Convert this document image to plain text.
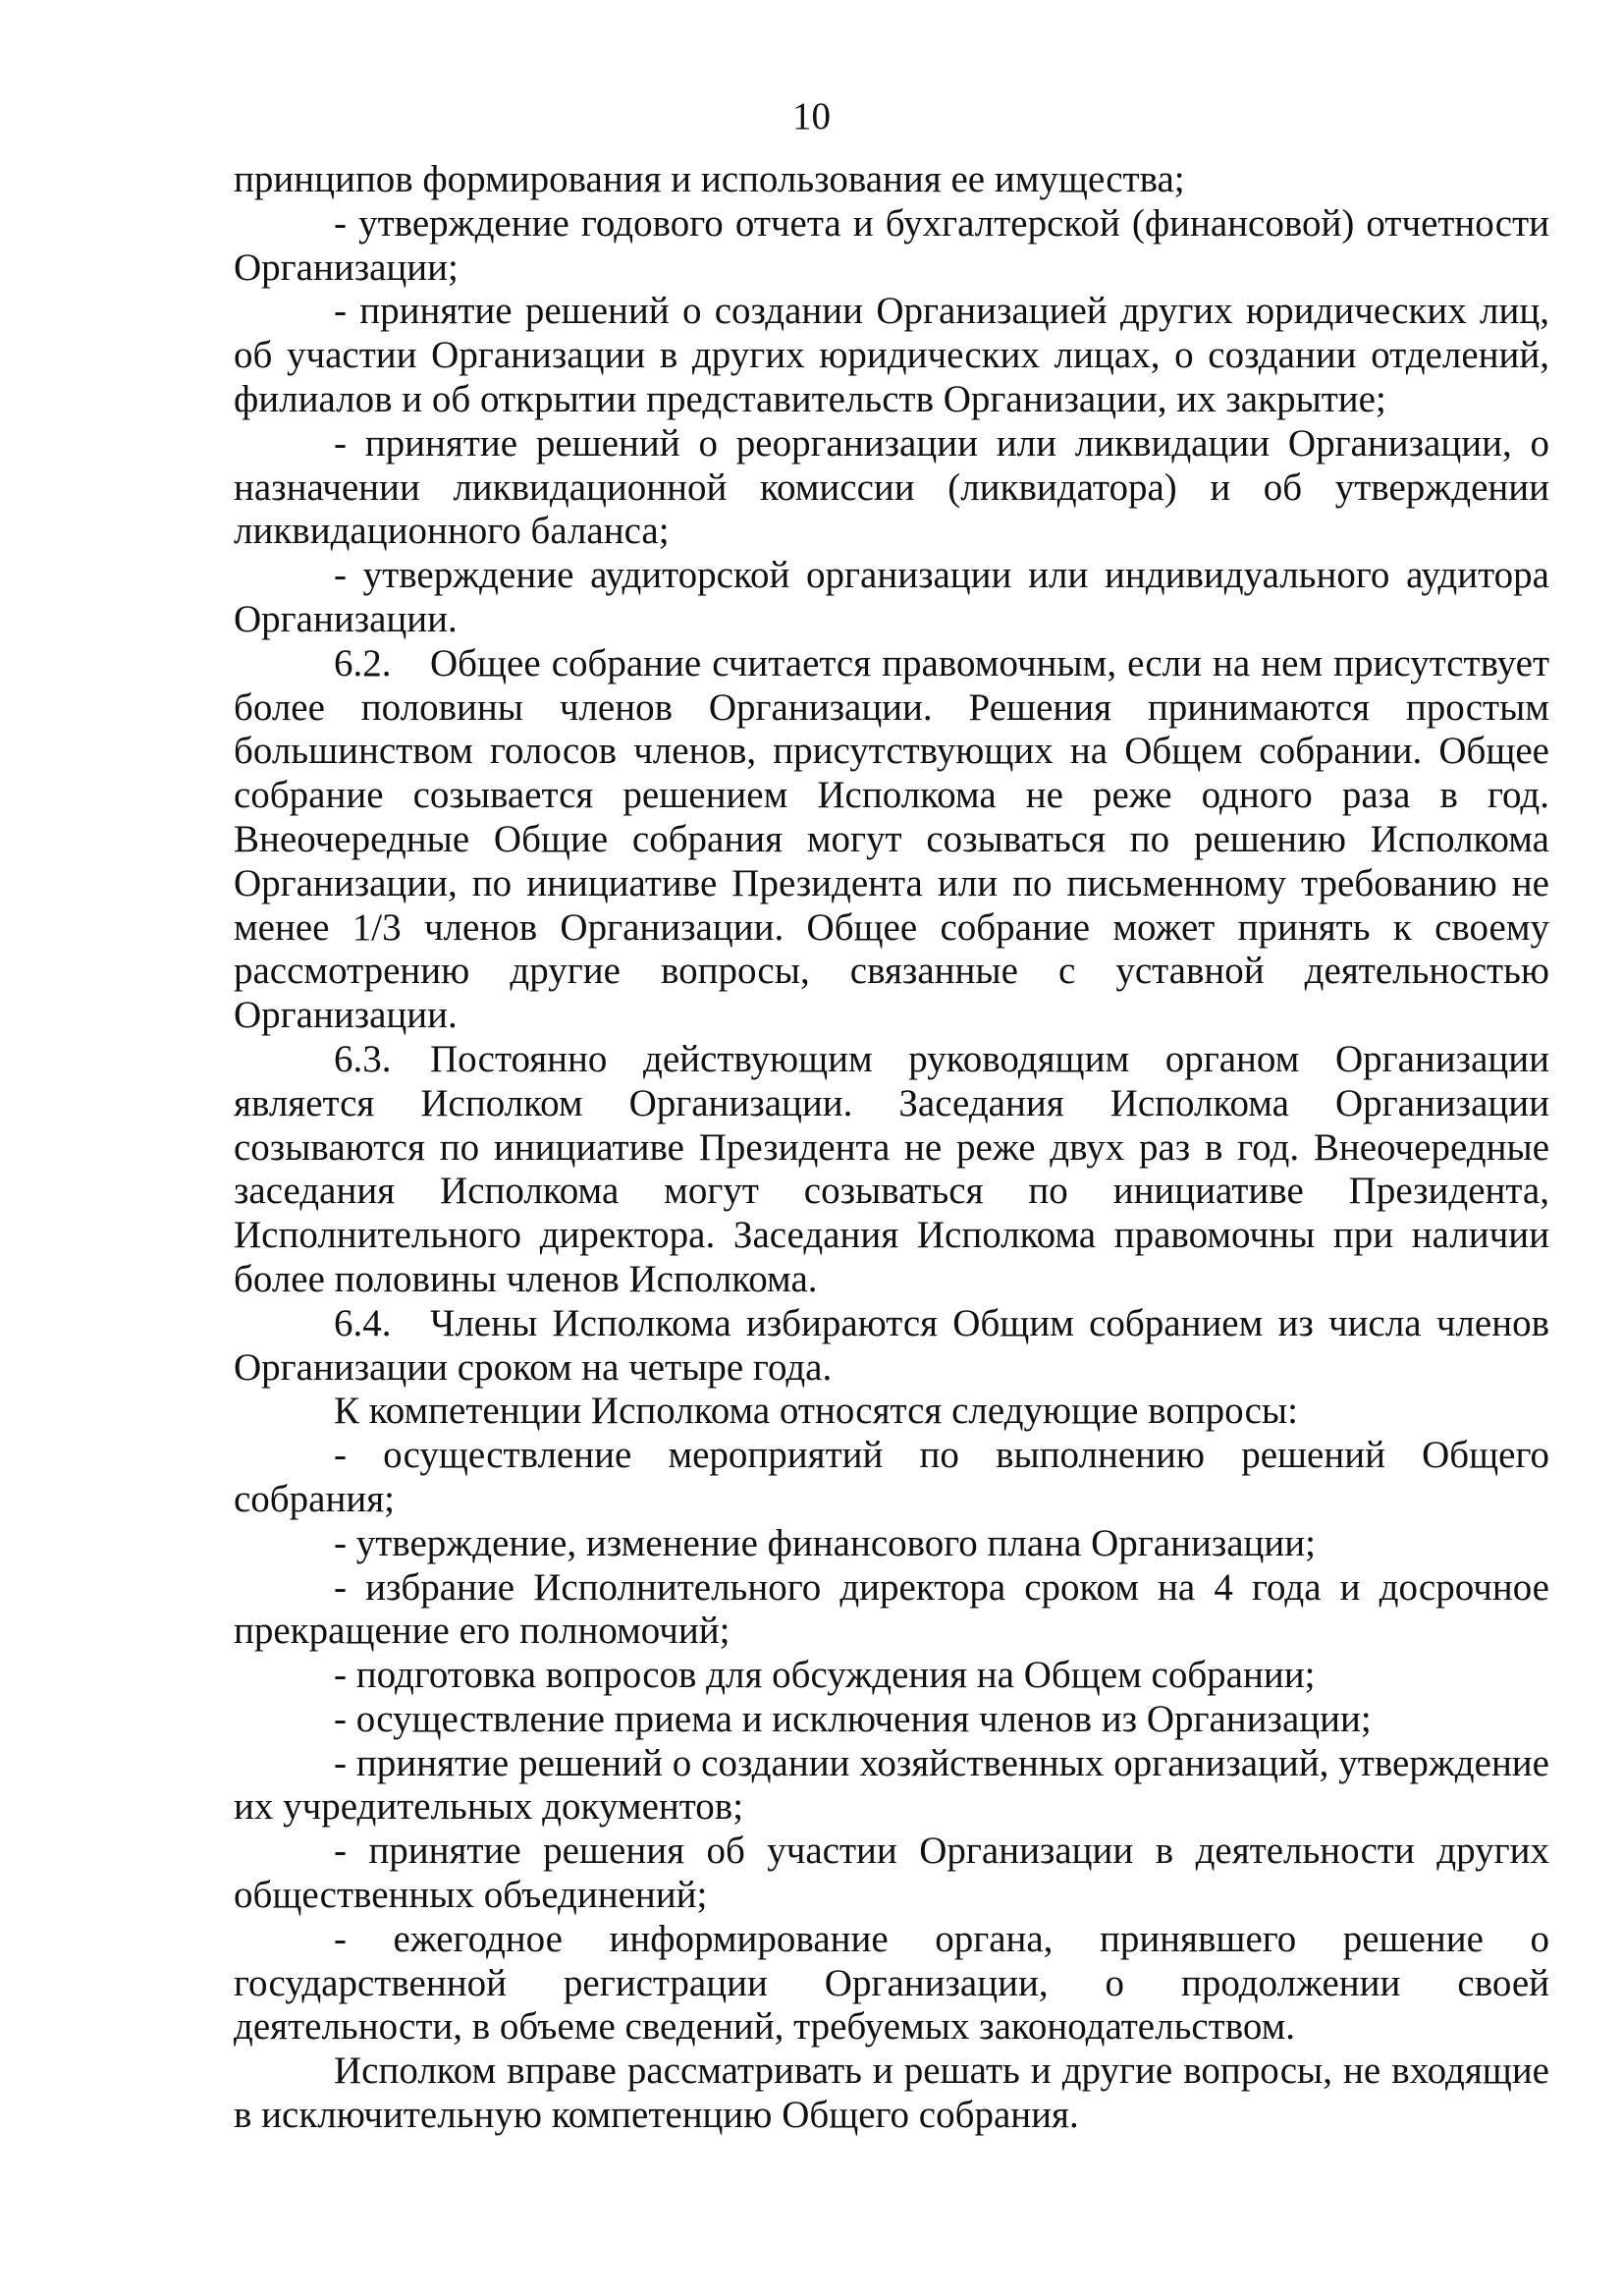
10

принципов формирования и использования ее имущества;

- утверждение годового отчета и бухгалтерской (финансовой) отчетности Организации;

- принятие решений о создании Организацией других юридических лиц, об участии Организации в других юридических лицах, о создании отделений, филиалов и об открытии представительств Организации, их закрытие;

- принятие решений о реорганизации или ликвидации Организации, о назначении ликвидационной комиссии (ликвидатора) и об утверждении ликвидационного баланса;

- утверждение аудиторской организации или индивидуального аудитора Организации.

6.2. Общее собрание считается правомочным, если на нем присутствует более половины членов Организации. Решения принимаются простым большинством голосов членов, присутствующих на Общем собрании. Общее собрание созывается решением Исполкома не реже одного раза в год. Внеочередные Общие собрания могут созываться по решению Исполкома Организации, по инициативе Президента или по письменному требованию не менее 1/3 членов Организации. Общее собрание может принять к своему рассмотрению другие вопросы, связанные с уставной деятельностью Организации.

6.3. Постоянно действующим руководящим органом Организации является Исполком Организации. Заседания Исполкома Организации созываются по инициативе Президента не реже двух раз в год. Внеочередные заседания Исполкома могут созываться по инициативе Президента, Исполнительного директора. Заседания Исполкома правомочны при наличии более половины членов Исполкома.

6.4. Члены Исполкома избираются Общим собранием из числа членов Организации сроком на четыре года.

К компетенции Исполкома относятся следующие вопросы:

- осуществление мероприятий по выполнению решений Общего собрания;

- утверждение, изменение финансового плана Организации;

- избрание Исполнительного директора сроком на 4 года и досрочное прекращение его полномочий;

- подготовка вопросов для обсуждения на Общем собрании;

- осуществление приема и исключения членов из Организации;

- принятие решений о создании хозяйственных организаций, утверждение их учредительных документов;

- принятие решения об участии Организации в деятельности других общественных объединений;

- ежегодное информирование органа, принявшего решение о государственной регистрации Организации, о продолжении своей деятельности, в объеме сведений, требуемых законодательством.

Исполком вправе рассматривать и решать и другие вопросы, не входящие в исключительную компетенцию Общего собрания.
